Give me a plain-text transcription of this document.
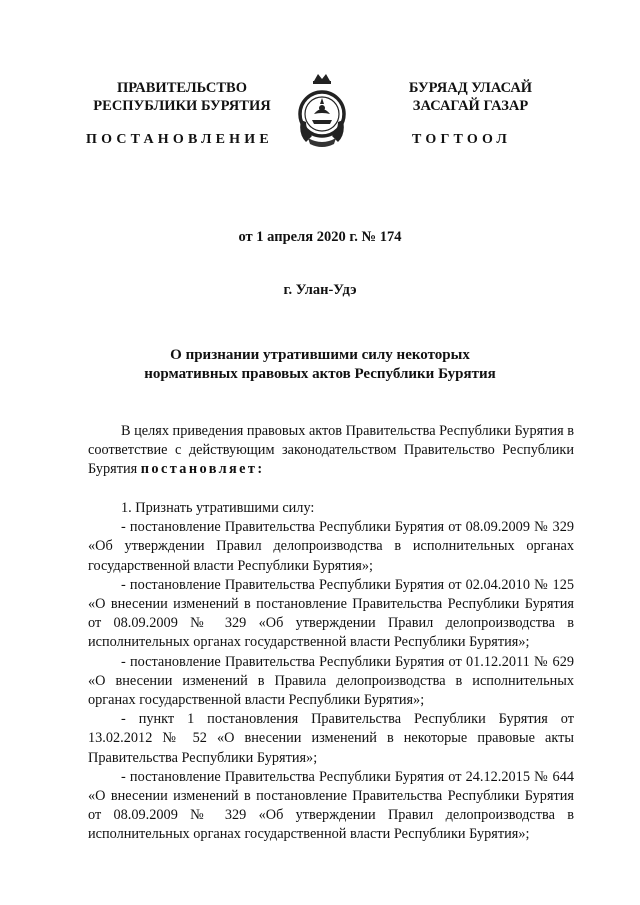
ПРАВИТЕЛЬСТВО
РЕСПУБЛИКИ БУРЯТИЯ
БУРЯАД УЛАСАЙ
ЗАСАГАЙ ГАЗАР
ПОСТАНОВЛЕНИЕ	ТОГТООЛ
от 1 апреля 2020 г. № 174
г. Улан-Удэ
О признании утратившими силу некоторых
нормативных правовых актов Республики Бурятия

В целях приведения правовых актов Правительства Республики Бурятия в соответствие с действующим законодательством Правительство Республики Бурятия постановляет:

1. Признать утратившими силу:

- постановление Правительства Республики Бурятия от 08.09.2009 № 329 «Об утверждении Правил делопроизводства в исполнительных органах государственной власти Республики Бурятия»;

- постановление Правительства Республики Бурятия от 02.04.2010 № 125 «О внесении изменений в постановление Правительства Республики Бурятия от 08.09.2009 № 329 «Об утверждении Правил делопроизводства в исполнительных органах государственной власти Республики Бурятия»;

- постановление Правительства Республики Бурятия от 01.12.2011 № 629 «О внесении изменений в Правила делопроизводства в исполнительных органах государственной власти Республики Бурятия»;

- пункт 1 постановления Правительства Республики Бурятия от 13.02.2012 № 52 «О внесении изменений в некоторые правовые акты Правительства Республики Бурятия»;

- постановление Правительства Республики Бурятия от 24.12.2015 № 644 «О внесении изменений в постановление Правительства Республики Бурятия от 08.09.2009 № 329 «Об утверждении Правил делопроизводства в исполнительных органах государственной власти Республики Бурятия»;
